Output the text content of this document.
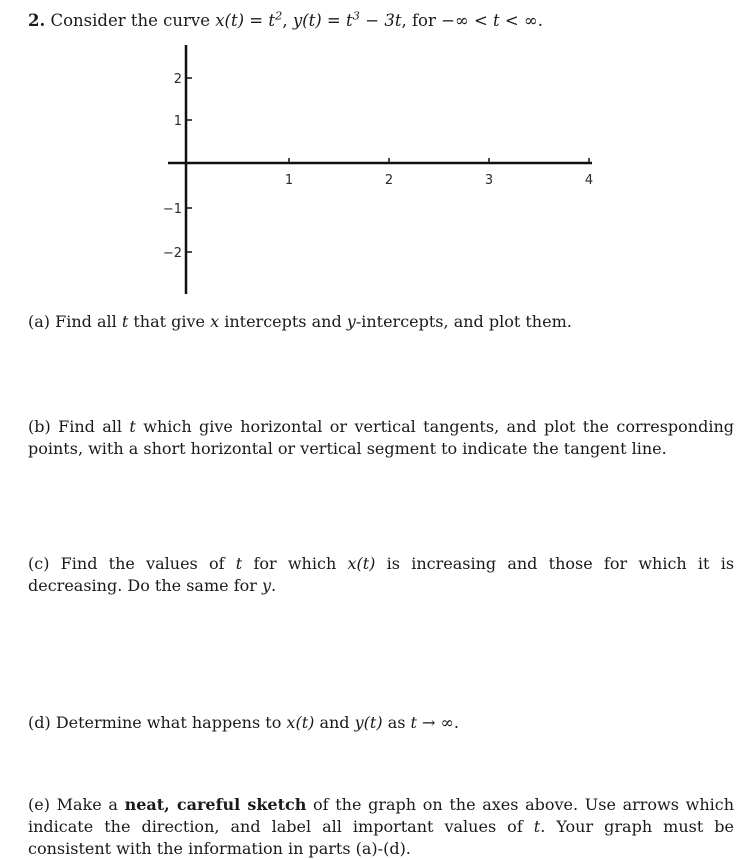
2. Consider the curve $x(t) = t^2$, $y(t) = t^3 - 3t$, for −∞ < t < ∞.
1	2	3	4
2
1
−1
−2
(a) Find all t that give x intercepts and y-intercepts, and plot them.
(b) Find all t which give horizontal or vertical tangents, and plot the corresponding points, with a short horizontal or vertical segment to indicate the tangent line.
(c) Find the values of t for which x(t) is increasing and those for which it is decreasing. Do the same for y.
(d) Determine what happens to x(t) and y(t) as t → ∞.
(e) Make a neat, careful sketch of the graph on the axes above. Use arrows which indicate the direction, and label all important values of t. Your graph must be consistent with the information in parts (a)-(d).
